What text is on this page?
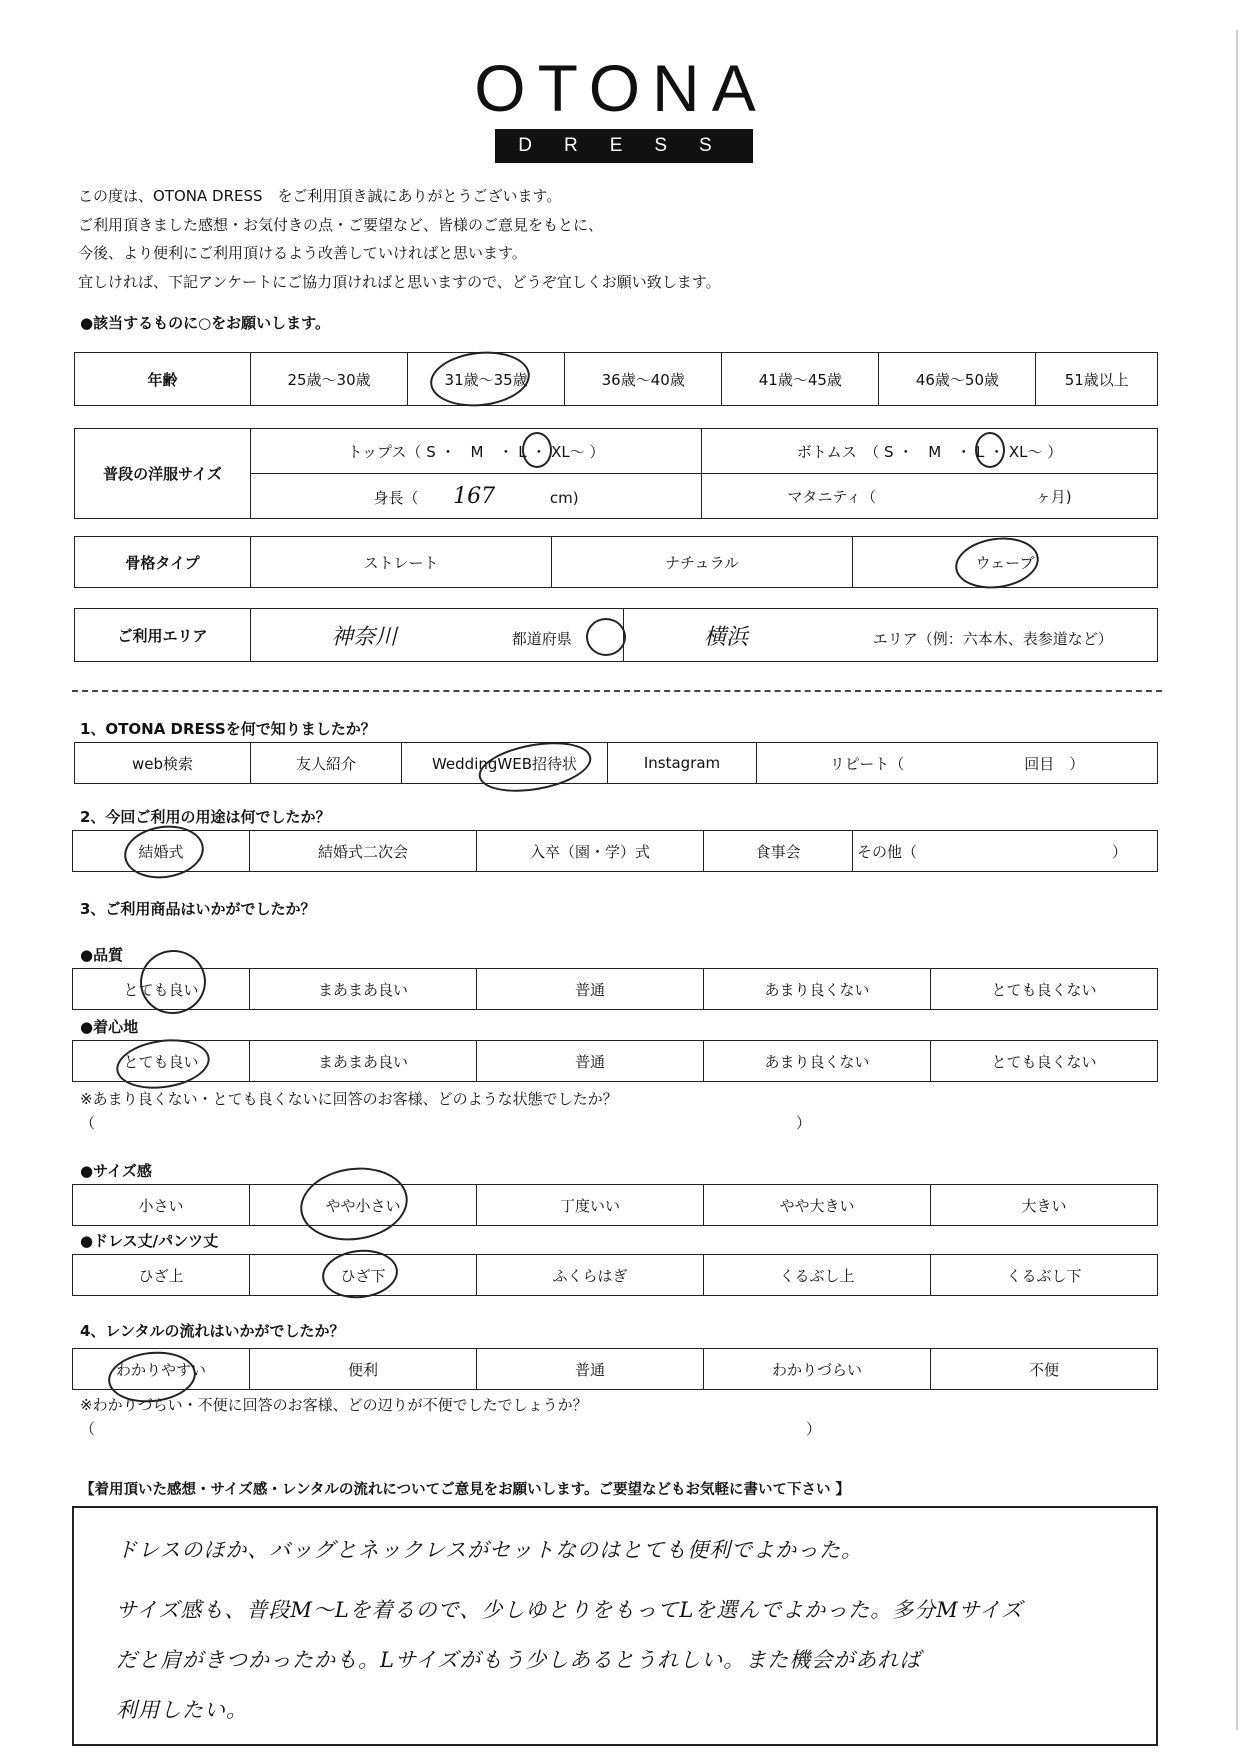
OTONA
DRESS
この度は、OTONA DRESS　をご利用頂き誠にありがとうございます。
ご利用頂きました感想・お気付きの点・ご要望など、皆様のご意見をもとに、
今後、より便利にご利用頂けるよう改善していければと思います。
宜しければ、下記アンケートにご協力頂ければと思いますので、どうぞ宜しくお願い致します。
●該当するものに○をお願いします。
年齢	25歳～30歳	31歳～35歳	36歳～40歳	41歳～45歳	46歳～50歳	51歳以上
普段の洋服サイズ	トップス（ S ・　M　・ L ・ XL～ ）	ボトムス　（ S ・　M　・ L ・ XL～ ）
	身長（ 167 cm)	マタニティ（ ヶ月)
骨格タイプ	ストレート	ナチュラル	ウェーブ
ご利用エリア	神奈川	都道府県	横浜	エリア（例：六本木、表参道など）
1、OTONA DRESSを何で知りましたか？
web検索	友人紹介	WeddingWEB招待状	Instagram	リピート（　　　　　　　　回目　）
2、今回ご利用の用途は何でしたか？
結婚式	結婚式二次会	入卒（園・学）式	食事会	その他（　　　　　　　　　　　　　）
3、ご利用商品はいかがでしたか？
●品質
とても良い	まあまあ良い	普通	あまり良くない	とても良くない
●着心地
とても良い	まあまあ良い	普通	あまり良くない	とても良くない
※あまり良くない・とても良くないに回答のお客様、どのような状態でしたか？
（	）
●サイズ感
小さい	やや小さい	丁度いい	やや大きい	大きい
●ドレス丈/パンツ丈
ひざ上	ひざ下	ふくらはぎ	くるぶし上	くるぶし下
4、レンタルの流れはいかがでしたか？
わかりやすい	便利	普通	わかりづらい	不便
※わかりづらい・不便に回答のお客様、どの辺りが不便でしたでしょうか？
（	）
【着用頂いた感想・サイズ感・レンタルの流れについてご意見をお願いします。ご要望などもお気軽に書いて下さい 】
ドレスのほか、バッグとネックレスがセットなのはとても便利でよかった。
サイズ感も、普段M～Lを着るので、少しゆとりをもってLを選んでよかった。多分Mサイズ
だと肩がきつかったかも。Lサイズがもう少しあるとうれしい。また機会があれば
利用したい。
